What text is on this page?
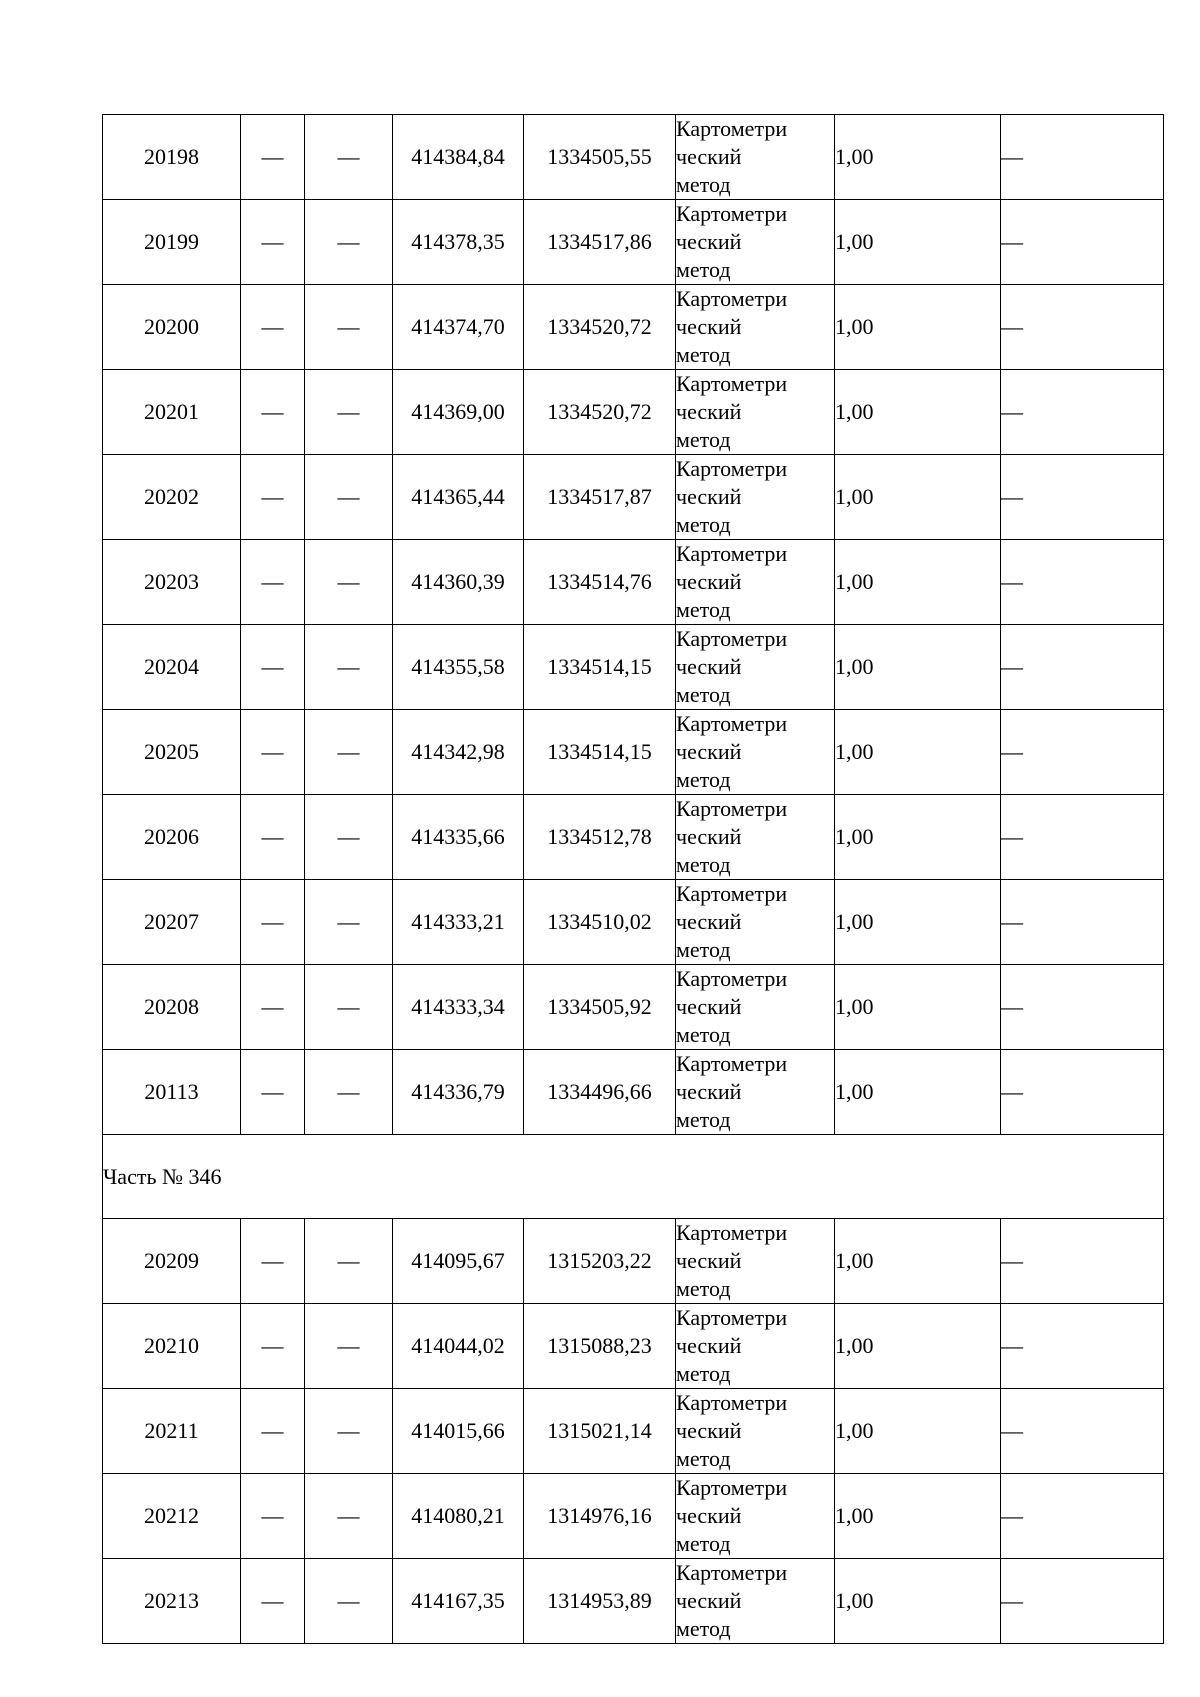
20198	—	—	414384,84	1334505,55	Картометри
ческий
метод	1,00	—
20199	—	—	414378,35	1334517,86	Картометри
ческий
метод	1,00	—
20200	—	—	414374,70	1334520,72	Картометри
ческий
метод	1,00	—
20201	—	—	414369,00	1334520,72	Картометри
ческий
метод	1,00	—
20202	—	—	414365,44	1334517,87	Картометри
ческий
метод	1,00	—
20203	—	—	414360,39	1334514,76	Картометри
ческий
метод	1,00	—
20204	—	—	414355,58	1334514,15	Картометри
ческий
метод	1,00	—
20205	—	—	414342,98	1334514,15	Картометри
ческий
метод	1,00	—
20206	—	—	414335,66	1334512,78	Картометри
ческий
метод	1,00	—
20207	—	—	414333,21	1334510,02	Картометри
ческий
метод	1,00	—
20208	—	—	414333,34	1334505,92	Картометри
ческий
метод	1,00	—
20113	—	—	414336,79	1334496,66	Картометри
ческий
метод	1,00	—
Часть № 346							
20209	—	—	414095,67	1315203,22	Картометри
ческий
метод	1,00	—
20210	—	—	414044,02	1315088,23	Картометри
ческий
метод	1,00	—
20211	—	—	414015,66	1315021,14	Картометри
ческий
метод	1,00	—
20212	—	—	414080,21	1314976,16	Картометри
ческий
метод	1,00	—
20213	—	—	414167,35	1314953,89	Картометри
ческий
метод	1,00	—
